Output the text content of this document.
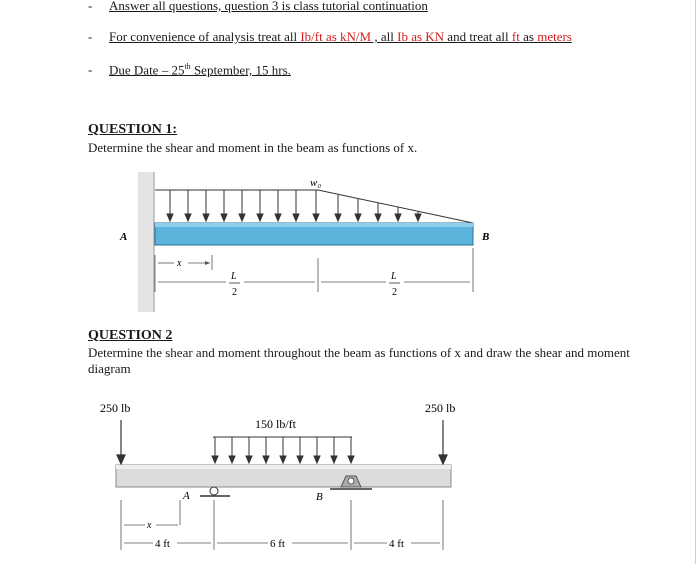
- Answer all questions, question 3 is class tutorial continuation
- For convenience of analysis treat all Ib/ft as kN/M , all Ib as KN and treat all ft as meters
- Due Date – 25th September, 15 hrs.
QUESTION 1:
Determine the shear and moment in the beam as functions of x.
w₀
A	B
x
L
2
L
2
QUESTION 2
Determine the shear and moment throughout the beam as functions of x and draw the shear and moment diagram
250 lb	250 lb
150 lb/ft
A	B
x
4 ft	6 ft	4 ft
